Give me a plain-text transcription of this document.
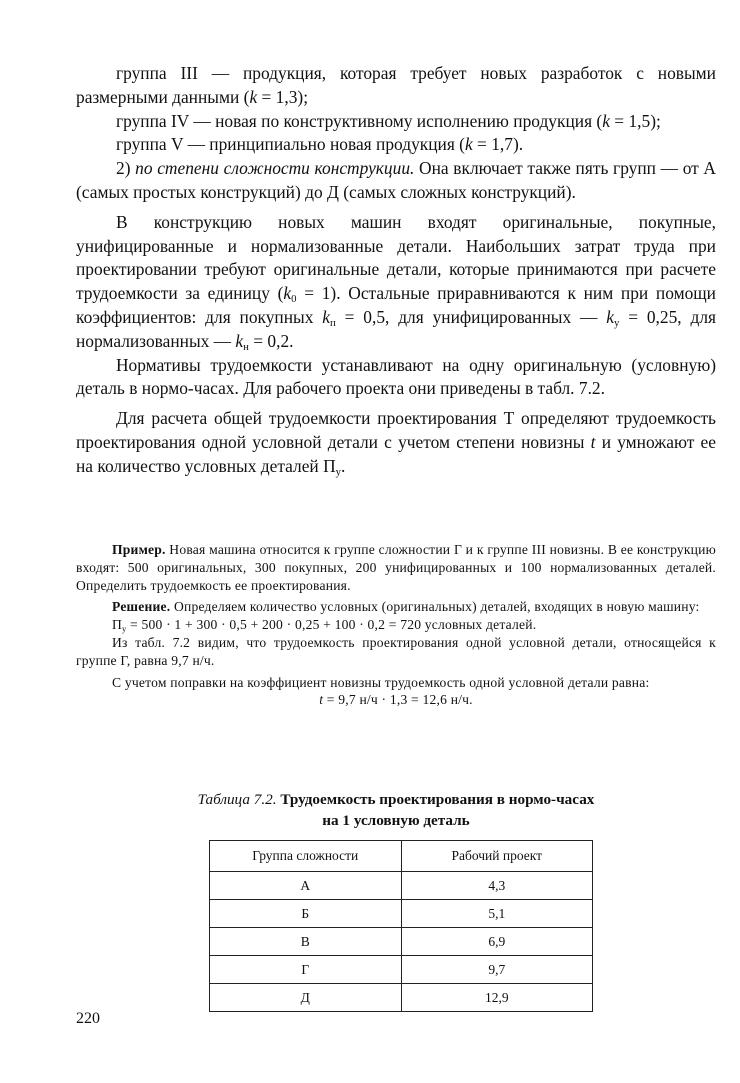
группа III — продукция, которая требует новых разработок с новыми размерными данными (k = 1,3);

группа IV — новая по конструктивному исполнению продукция (k = 1,5);

группа V — принципиально новая продукция (k = 1,7).

2) по степени сложности конструкции. Она включает также пять групп — от А (самых простых конструкций) до Д (самых сложных конструкций).

В конструкцию новых машин входят оригинальные, покупные, унифицированные и нормализованные детали. Наибольших затрат труда при проектировании требуют оригинальные детали, которые принимаются при расчете трудоемкости за единицу $(k_0 = 1)$. Остальные приравниваются к ним при помощи коэффициентов: для покупных $k_п = 0,5$, для унифицированных — $k_у = 0,25$, для нормализованных — $k_н = 0,2$.

Нормативы трудоемкости устанавливают на одну оригинальную (условную) деталь в нормо-часах. Для рабочего проекта они приведены в табл. 7.2.

Для расчета общей трудоемкости проектирования Т определяют трудоемкость проектирования одной условной детали с учетом степени новизны t и умножают ее на количество условных деталей $П_у$.

Пример. Новая машина относится к группе сложностии Г и к группе III новизны. В ее конструкцию входят: 500 оригинальных, 300 покупных, 200 унифицированных и 100 нормализованных деталей. Определить трудоемкость ее проектирования.

Решение. Определяем количество условных (оригинальных) деталей, входящих в новую машину:

$П_у = 500 \cdot 1 + 300 \cdot 0,5 + 200 \cdot 0,25 + 100 \cdot 0,2 = 720$ условных деталей.

Из табл. 7.2 видим, что трудоемкость проектирования одной условной детали, относящейся к группе Г, равна 9,7 н/ч.

С учетом поправки на коэффициент новизны трудоемкость одной условной детали равна:

t = 9,7 н/ч · 1,3 = 12,6 н/ч.

Таблица 7.2. Трудоемкость проектирования в нормо-часах
на 1 условную деталь
Группа сложности	Рабочий проект
А	4,3
Б	5,1
В	6,9
Г	9,7
Д	12,9
220
